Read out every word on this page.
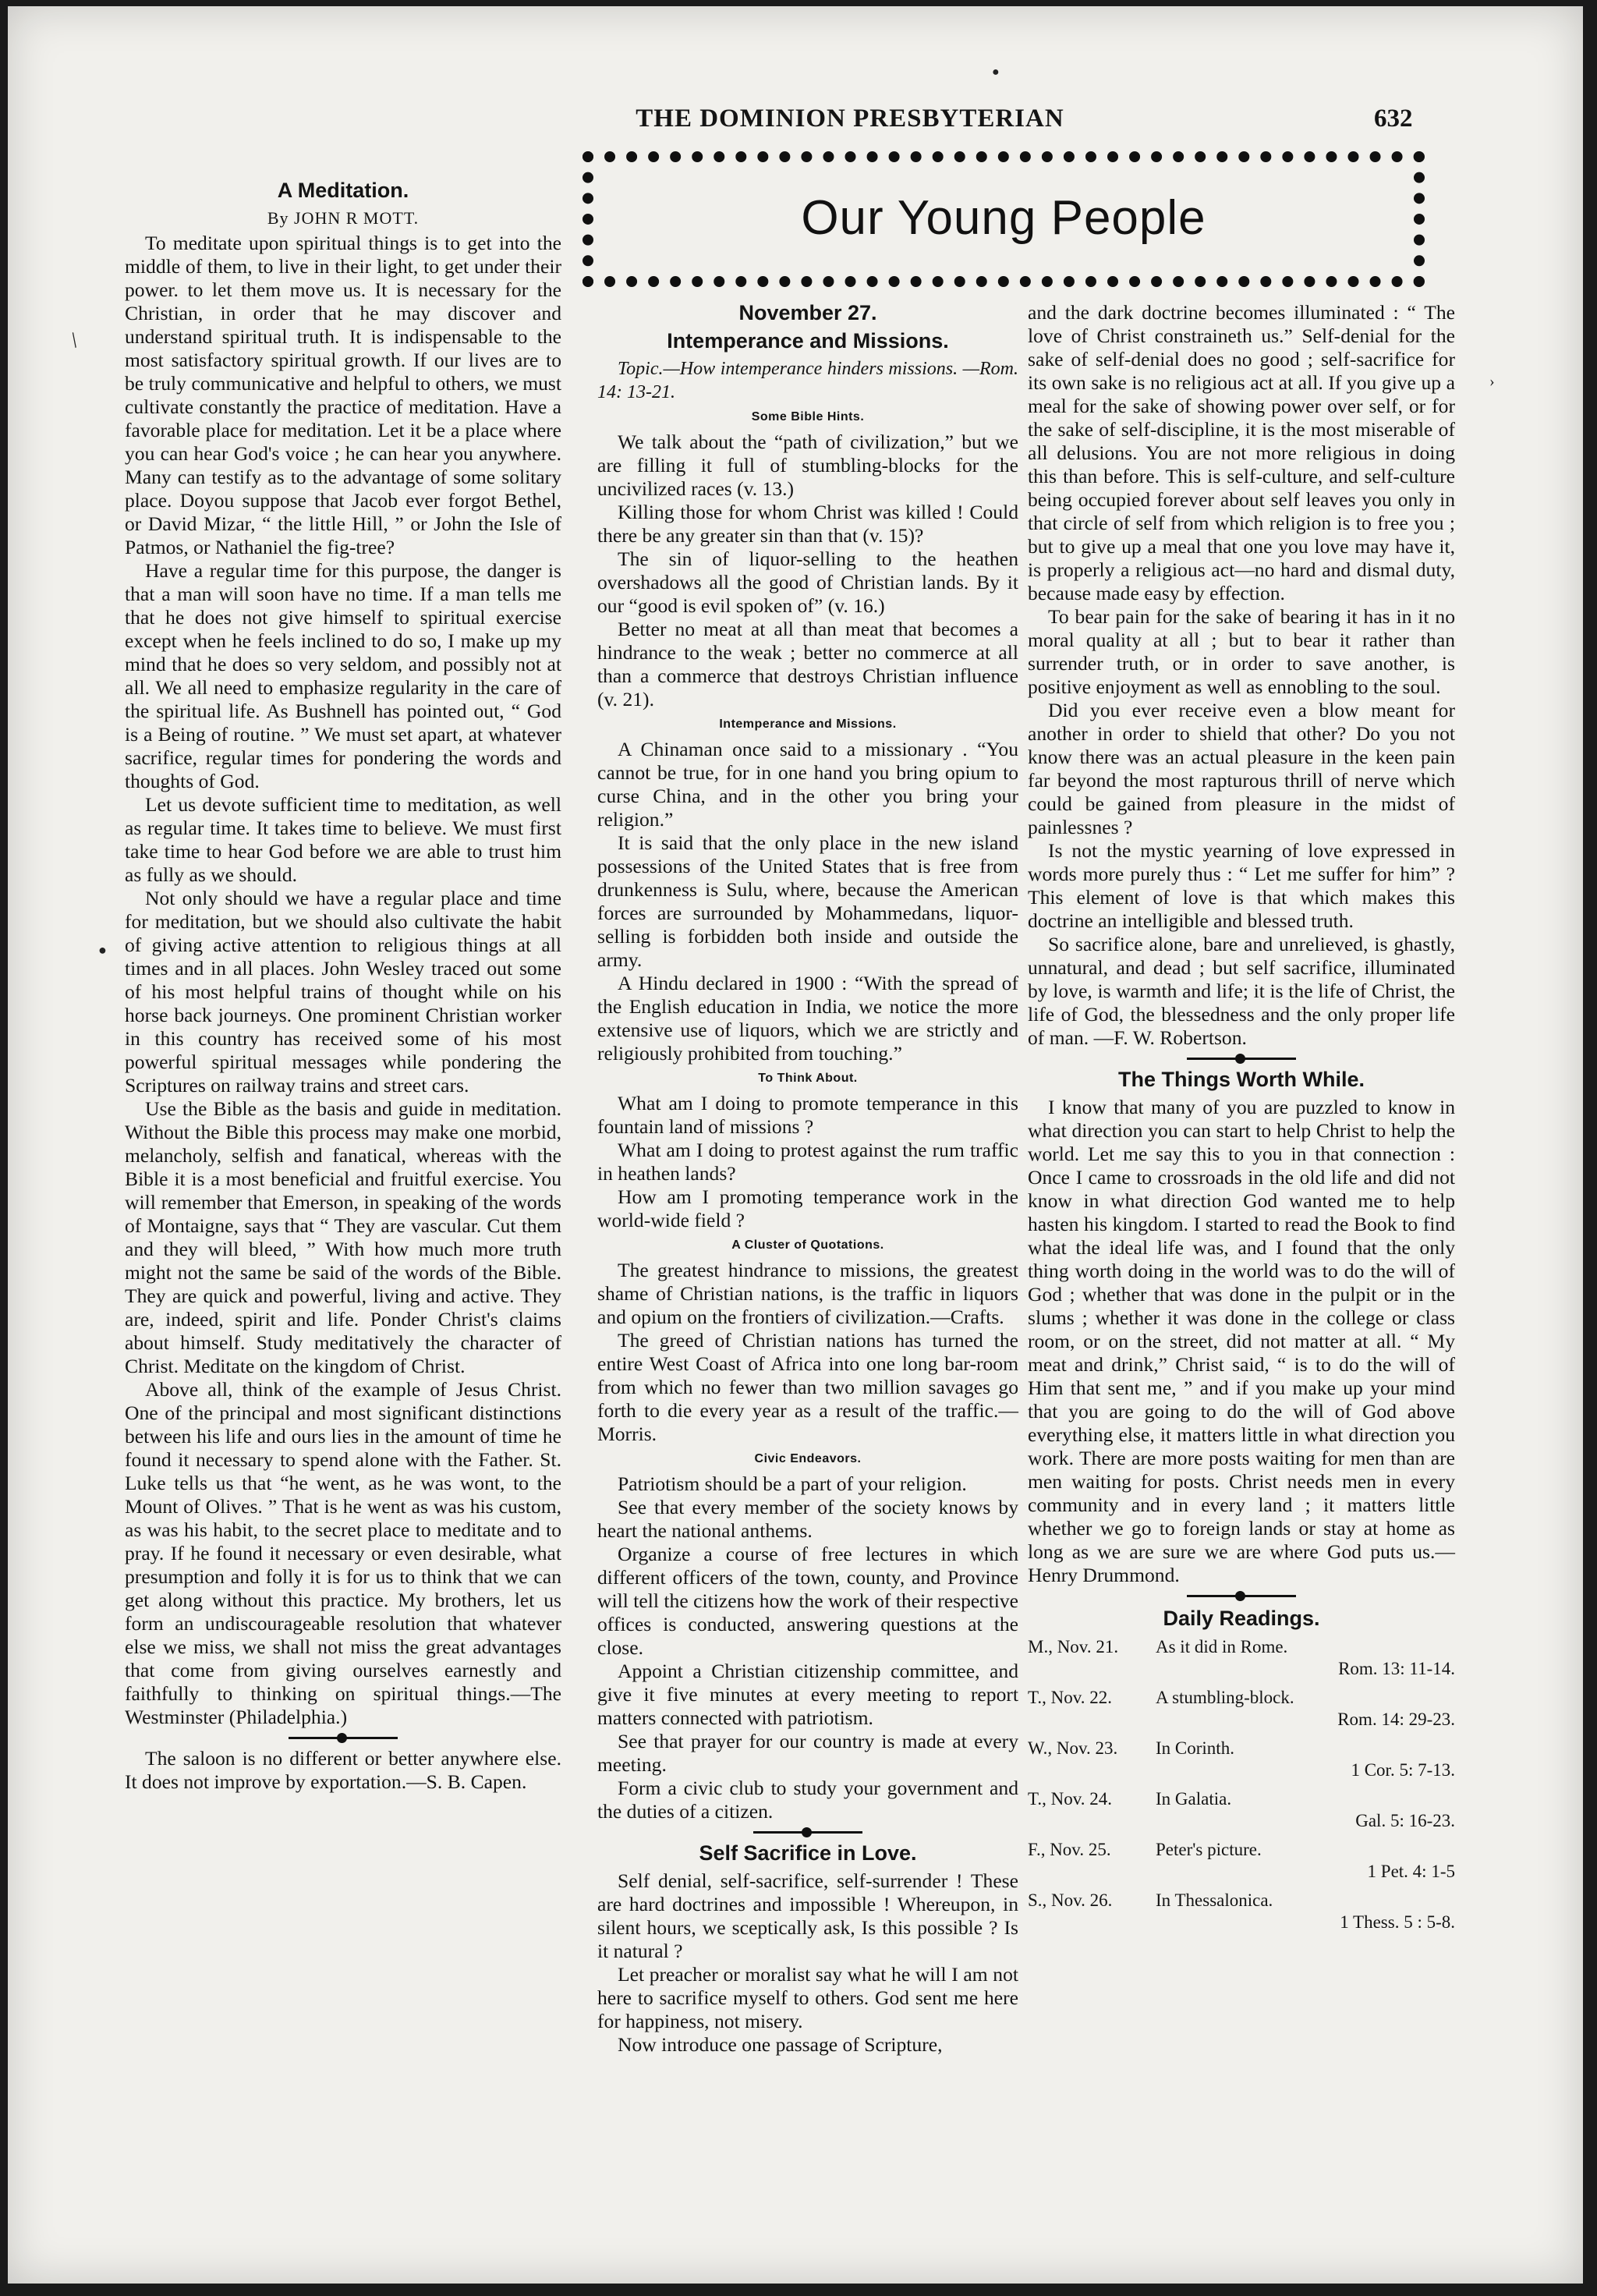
THE DOMINION PRESBYTERIAN	632
Our Young People
●
●
/
›
A Meditation.
By JOHN R MOTT.

To meditate upon spiritual things is to get into the middle of them, to live in their light, to get under their power. to let them move us. It is necessary for the Christian, in order that he may discover and understand spiritual truth. It is indispensable to the most satisfactory spiritual growth. If our lives are to be truly communicative and helpful to others, we must cultivate constantly the practice of meditation. Have a favorable place for meditation. Let it be a place where you can hear God's voice ; he can hear you anywhere. Many can testify as to the advantage of some solitary place. Doyou suppose that Jacob ever forgot Bethel, or David Mizar, “ the little Hill, ” or John the Isle of Patmos, or Nathaniel the fig-tree?

Have a regular time for this purpose, the danger is that a man will soon have no time. If a man tells me that he does not give himself to spiritual exercise except when he feels inclined to do so, I make up my mind that he does so very seldom, and possibly not at all. We all need to emphasize regularity in the care of the spiritual life. As Bushnell has pointed out, “ God is a Being of routine. ” We must set apart, at whatever sacrifice, regular times for pondering the words and thoughts of God.

Let us devote sufficient time to meditation, as well as regular time. It takes time to believe. We must first take time to hear God before we are able to trust him as fully as we should.

Not only should we have a regular place and time for meditation, but we should also cultivate the habit of giving active attention to religious things at all times and in all places. John Wesley traced out some of his most helpful trains of thought while on his horse back journeys. One prominent Christian worker in this country has received some of his most powerful spiritual messages while pondering the Scriptures on railway trains and street cars.

Use the Bible as the basis and guide in meditation. Without the Bible this process may make one morbid, melancholy, selfish and fanatical, whereas with the Bible it is a most beneficial and fruitful exercise. You will remember that Emerson, in speaking of the words of Montaigne, says that “ They are vascular. Cut them and they will bleed, ” With how much more truth might not the same be said of the words of the Bible. They are quick and powerful, living and active. They are, indeed, spirit and life. Ponder Christ's claims about himself. Study meditatively the character of Christ. Meditate on the kingdom of Christ.

Above all, think of the example of Jesus Christ. One of the principal and most significant distinctions between his life and ours lies in the amount of time he found it necessary to spend alone with the Father. St. Luke tells us that “he went, as he was wont, to the Mount of Olives. ” That is he went as was his custom, as was his habit, to the secret place to meditate and to pray. If he found it necessary or even desirable, what presumption and folly it is for us to think that we can get along without this practice. My brothers, let us form an undiscourageable resolution that whatever else we miss, we shall not miss the great advantages that come from giving ourselves earnestly and faithfully to thinking on spiritual things.—The Westminster (Philadelphia.)

The saloon is no different or better anywhere else. It does not improve by exportation.—S. B. Capen.

November 27.
Intemperance and Missions.

Topic.—How intemperance hinders missions. —Rom. 14: 13-21.

Some Bible Hints.

We talk about the “path of civilization,” but we are filling it full of stumbling-blocks for the uncivilized races (v. 13.)

Killing those for whom Christ was killed ! Could there be any greater sin than that (v. 15)?

The sin of liquor-selling to the heathen overshadows all the good of Christian lands. By it our “good is evil spoken of” (v. 16.)

Better no meat at all than meat that becomes a hindrance to the weak ; better no commerce at all than a commerce that destroys Christian influence (v. 21).

Intemperance and Missions.

A Chinaman once said to a missionary . “You cannot be true, for in one hand you bring opium to curse China, and in the other you bring your religion.”

It is said that the only place in the new island possessions of the United States that is free from drunkenness is Sulu, where, because the American forces are surrounded by Mohammedans, liquor-selling is forbidden both inside and outside the army.

A Hindu declared in 1900 : “With the spread of the English education in India, we notice the more extensive use of liquors, which we are strictly and religiously prohibited from touching.”

To Think About.

What am I doing to promote temperance in this fountain land of missions ?

What am I doing to protest against the rum traffic in heathen lands?

How am I promoting temperance work in the world-wide field ?

A Cluster of Quotations.

The greatest hindrance to missions, the greatest shame of Christian nations, is the traffic in liquors and opium on the frontiers of civilization.—Crafts.

The greed of Christian nations has turned the entire West Coast of Africa into one long bar-room from which no fewer than two million savages go forth to die every year as a result of the traffic.—Morris.

Civic Endeavors.

Patriotism should be a part of your religion.

See that every member of the society knows by heart the national anthems.

Organize a course of free lectures in which different officers of the town, county, and Province will tell the citizens how the work of their respective offices is conducted, answering questions at the close.

Appoint a Christian citizenship committee, and give it five minutes at every meeting to report matters connected with patriotism.

See that prayer for our country is made at every meeting.

Form a civic club to study your government and the duties of a citizen.

Self Sacrifice in Love.

Self denial, self-sacrifice, self-surrender ! These are hard doctrines and impossible ! Whereupon, in silent hours, we sceptically ask, Is this possible ? Is it natural ?

Let preacher or moralist say what he will I am not here to sacrifice myself to others. God sent me here for happiness, not misery.

Now introduce one passage of Scripture,

and the dark doctrine becomes illuminated : “ The love of Christ constraineth us.” Self-denial for the sake of self-denial does no good ; self-sacrifice for its own sake is no religious act at all. If you give up a meal for the sake of showing power over self, or for the sake of self-discipline, it is the most miserable of all delusions. You are not more religious in doing this than before. This is self-culture, and self-culture being occupied forever about self leaves you only in that circle of self from which religion is to free you ; but to give up a meal that one you love may have it, is properly a religious act—no hard and dismal duty, because made easy by effection.

To bear pain for the sake of bearing it has in it no moral quality at all ; but to bear it rather than surrender truth, or in order to save another, is positive enjoyment as well as ennobling to the soul.

Did you ever receive even a blow meant for another in order to shield that other? Do you not know there was an actual pleasure in the keen pain far beyond the most rapturous thrill of nerve which could be gained from pleasure in the midst of painlessnes ?

Is not the mystic yearning of love expressed in words more purely thus : “ Let me suffer for him” ? This element of love is that which makes this doctrine an intelligible and blessed truth.

So sacrifice alone, bare and unrelieved, is ghastly, unnatural, and dead ; but self sacrifice, illuminated by love, is warmth and life; it is the life of Christ, the life of God, the blessedness and the only proper life of man. —F. W. Robertson.

The Things Worth While.

I know that many of you are puzzled to know in what direction you can start to help Christ to help the world. Let me say this to you in that connection : Once I came to crossroads in the old life and did not know in what direction God wanted me to help hasten his kingdom. I started to read the Book to find what the ideal life was, and I found that the only thing worth doing in the world was to do the will of God ; whether that was done in the pulpit or in the slums ; whether it was done in the college or class room, or on the street, did not matter at all. “ My meat and drink,” Christ said, “ is to do the will of Him that sent me, ” and if you make up your mind that you are going to do the will of God above everything else, it matters little in what direction you work. There are more posts waiting for men than are men waiting for posts. Christ needs men in every community and in every land ; it matters little whether we go to foreign lands or stay at home as long as we are sure we are where God puts us.—Henry Drummond.

Daily Readings.
M., Nov. 21.	As it did in Rome.
Rom. 13: 11-14.
T., Nov. 22.	A stumbling-block.
Rom. 14: 29-23.
W., Nov. 23.	In Corinth.
1 Cor. 5: 7-13.
T., Nov. 24.	In Galatia.
Gal. 5: 16-23.
F., Nov. 25.	Peter's picture.
1 Pet. 4: 1-5
S., Nov. 26.	In Thessalonica.
1 Thess. 5 : 5-8.
